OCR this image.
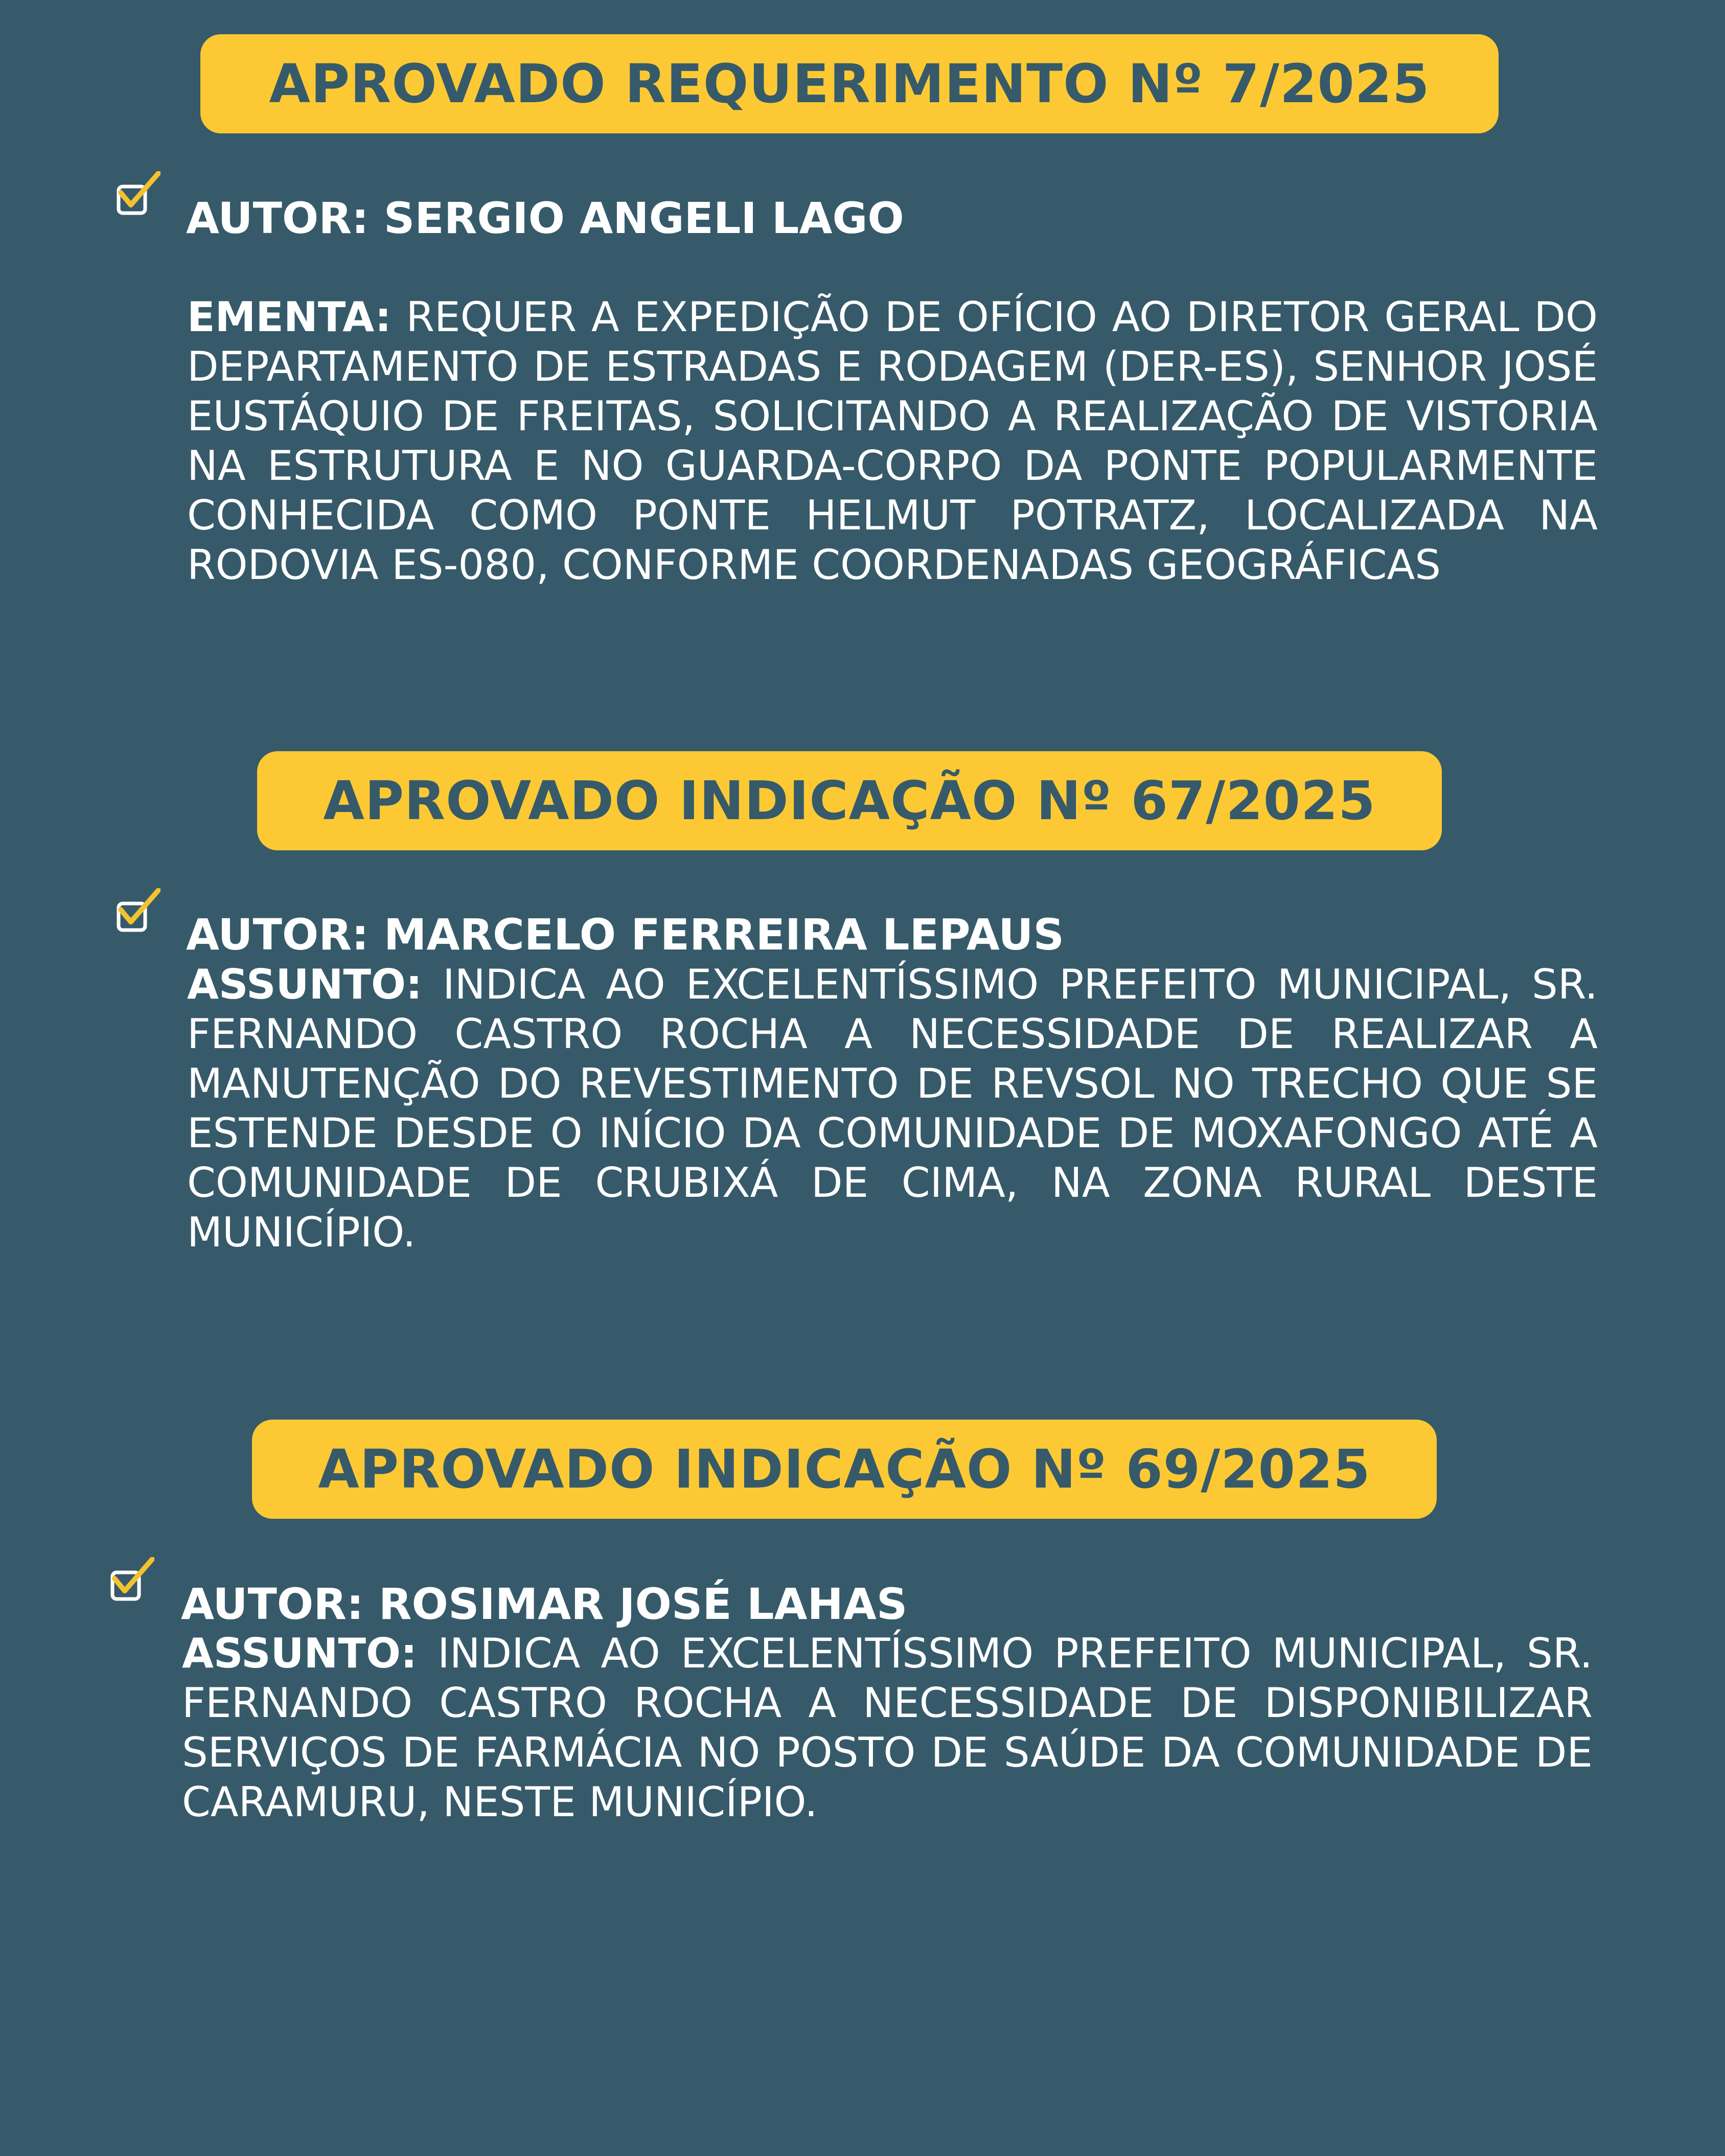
APROVADO REQUERIMENTO Nº 7/2025
AUTOR: SERGIO ANGELI LAGO
EMENTA: REQUER A EXPEDIÇÃO DE OFÍCIO AO DIRETOR GERAL DO DEPARTAMENTO DE ESTRADAS E RODAGEM (DER-ES), SENHOR JOSÉ EUSTÁQUIO DE FREITAS, SOLICITANDO A REALIZAÇÃO DE VISTORIA NA ESTRUTURA E NO GUARDA-CORPO DA PONTE POPULARMENTE CONHECIDA COMO PONTE HELMUT POTRATZ, LOCALIZADA NA RODOVIA ES-080, CONFORME COORDENADAS GEOGRÁFICAS
APROVADO INDICAÇÃO Nº 67/2025
AUTOR: MARCELO FERREIRA LEPAUS
ASSUNTO: INDICA AO EXCELENTÍSSIMO PREFEITO MUNICIPAL, SR. FERNANDO CASTRO ROCHA A NECESSIDADE DE REALIZAR A MANUTENÇÃO DO REVESTIMENTO DE REVSOL NO TRECHO QUE SE ESTENDE DESDE O INÍCIO DA COMUNIDADE DE MOXAFONGO ATÉ A COMUNIDADE DE CRUBIXÁ DE CIMA, NA ZONA RURAL DESTE MUNICÍPIO.
APROVADO INDICAÇÃO Nº 69/2025
AUTOR: ROSIMAR JOSÉ LAHAS
ASSUNTO: INDICA AO EXCELENTÍSSIMO PREFEITO MUNICIPAL, SR. FERNANDO CASTRO ROCHA A NECESSIDADE DE DISPONIBILIZAR SERVIÇOS DE FARMÁCIA NO POSTO DE SAÚDE DA COMUNIDADE DE CARAMURU, NESTE MUNICÍPIO.
